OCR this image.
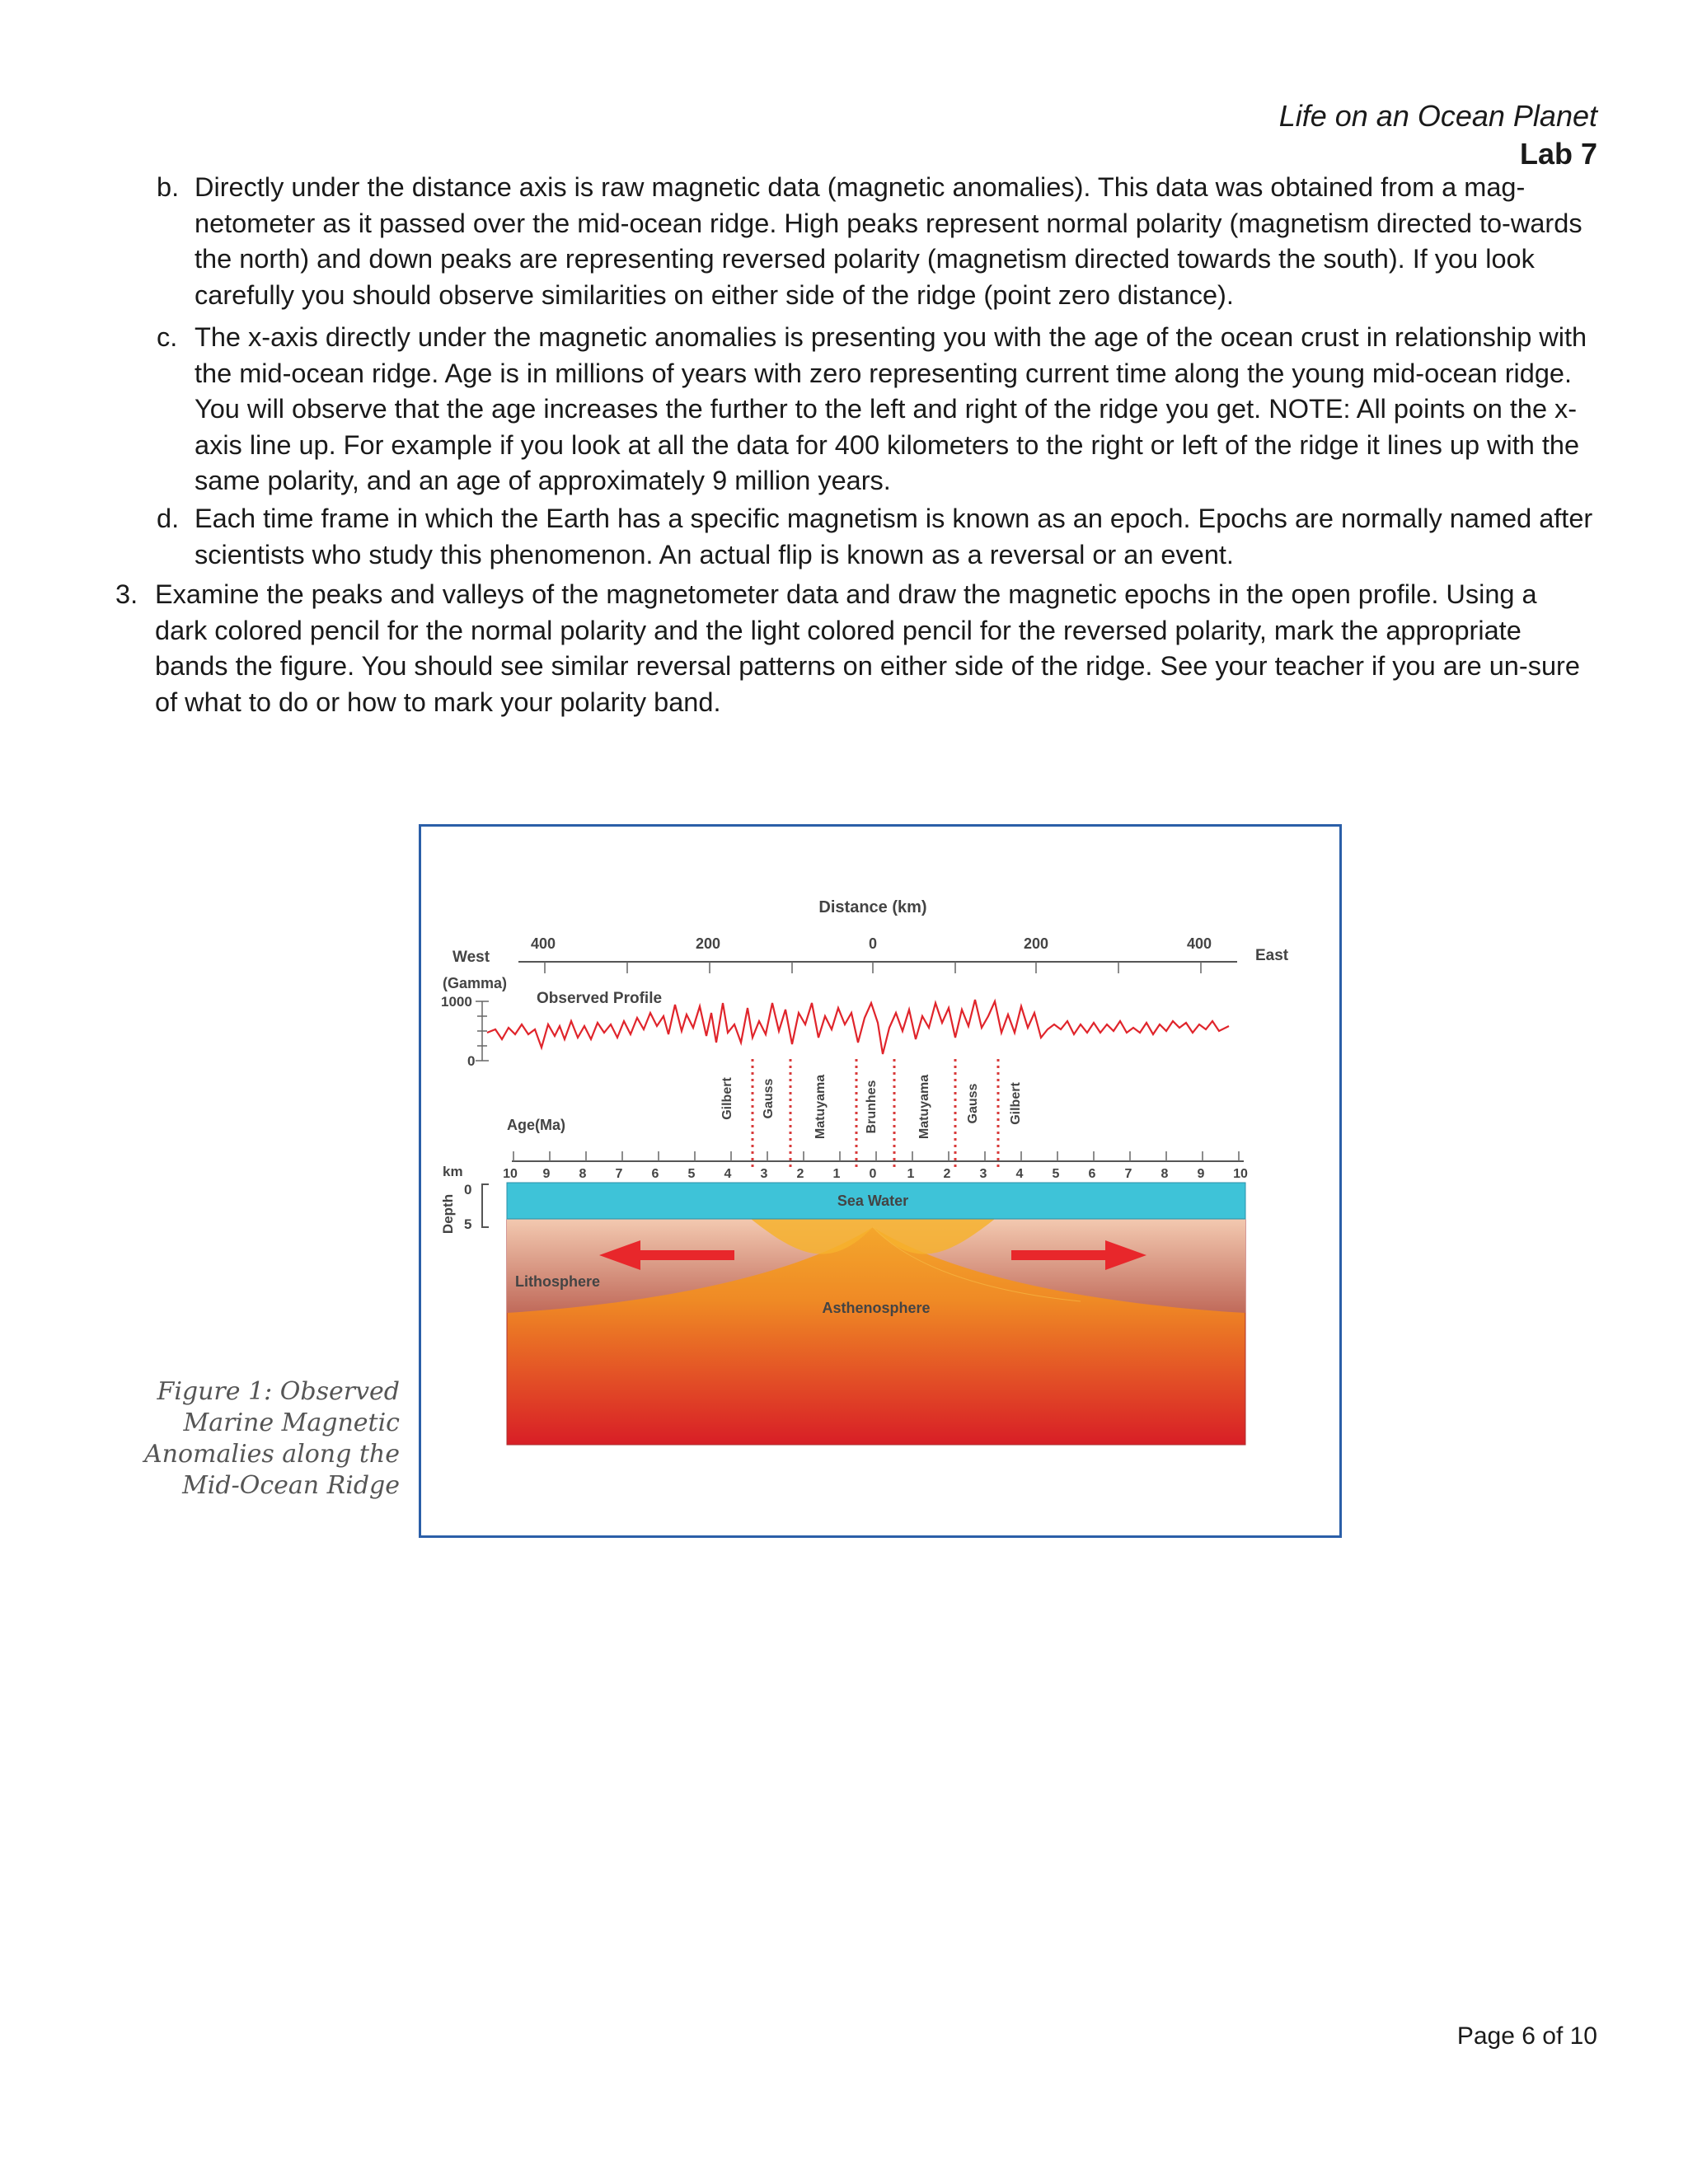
Life on an Ocean Planet
Lab 7
b. Directly under the distance axis is raw magnetic data (magnetic anomalies). This data was obtained from a mag-netometer as it passed over the mid-ocean ridge. High peaks represent normal polarity (magnetism directed to-wards the north) and down peaks are representing reversed polarity (magnetism directed towards the south). If you look carefully you should observe similarities on either side of the ridge (point zero distance).
c. The x-axis directly under the magnetic anomalies is presenting you with the age of the ocean crust in relationship with the mid-ocean ridge. Age is in millions of years with zero representing current time along the young mid-ocean ridge. You will observe that the age increases the further to the left and right of the ridge you get. NOTE: All points on the x-axis line up. For example if you look at all the data for 400 kilometers to the right or left of the ridge it lines up with the same polarity, and an age of approximately 9 million years.
d. Each time frame in which the Earth has a specific magnetism is known as an epoch. Epochs are normally named after scientists who study this phenomenon. An actual flip is known as a reversal or an event.
3. Examine the peaks and valleys of the magnetometer data and draw the magnetic epochs in the open profile. Using a dark colored pencil for the normal polarity and the light colored pencil for the reversed polarity, mark the appropriate bands the figure. You should see similar reversal patterns on either side of the ridge. See your teacher if you are un-sure of what to do or how to mark your polarity band.
Distance (km)
400	200	0	200	400
West	East
(Gamma)
1000
0
Observed Profile
Gilbert Gauss	Matuyama	Brunhes	Matuyama	Gauss Gilbert
Age(Ma)
10 9 8 7 6 5 4 3 2 1 0 1 2 3 4 5 6 7 8 9 10
km
Depth
0
5
Sea Water
Lithosphere
Asthenosphere
Figure 1: Observed Marine Magnetic Anomalies along the Mid-Ocean Ridge
Page 6 of 10
